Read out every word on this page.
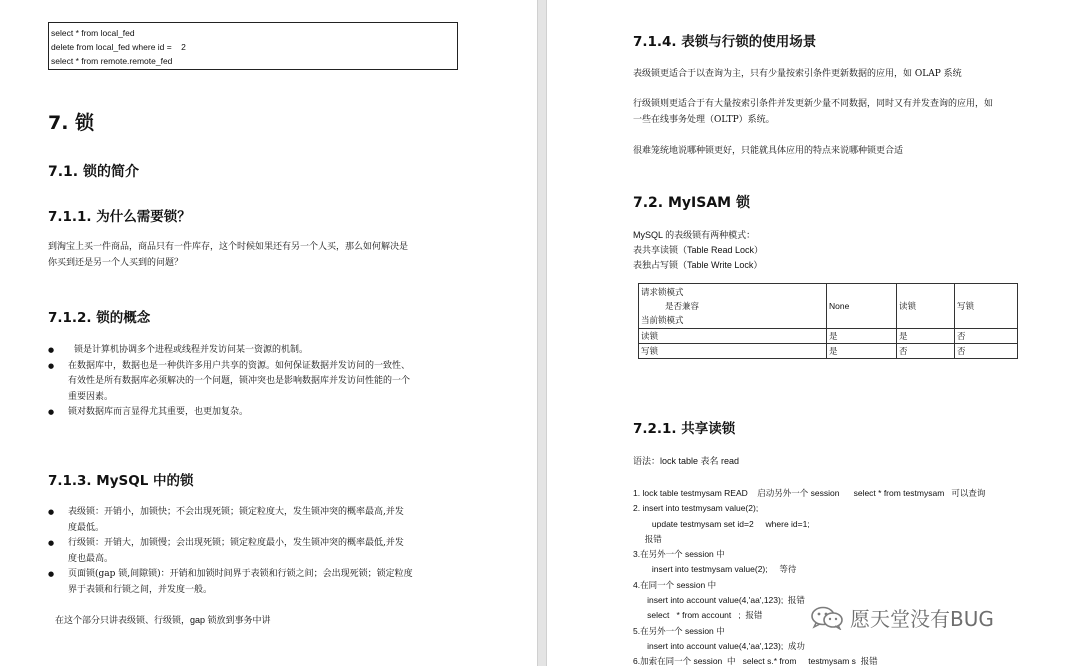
select * from local_fed
delete from local_fed where id =    2
select * from remote.remote_fed
7. 锁
7.1. 锁的简介
7.1.1. 为什么需要锁？
到淘宝上买一件商品，商品只有一件库存，这个时候如果还有另一个人买，那么如何解决是
你买到还是另一个人买到的问题？
7.1.2. 锁的概念
● 锁是计算机协调多个进程或线程并发访问某一资源的机制。
● 在数据库中，数据也是一种供许多用户共享的资源。如何保证数据并发访问的一致性、
有效性是所有数据库必须解决的一个问题，锁冲突也是影响数据库并发访问性能的一个
重要因素。
● 锁对数据库而言显得尤其重要，也更加复杂。
7.1.3. MySQL 中的锁
● 表级锁：开销小，加锁快；不会出现死锁；锁定粒度大，发生锁冲突的概率最高,并发
度最低。
● 行级锁：开销大，加锁慢；会出现死锁；锁定粒度最小，发生锁冲突的概率最低,并发
度也最高。
● 页面锁(gap 锁,间隙锁)：开销和加锁时间界于表锁和行锁之间；会出现死锁；锁定粒度
界于表锁和行锁之间，并发度一般。
在这个部分只讲表级锁、行级锁，gap 锁放到事务中讲
7.1.4. 表锁与行锁的使用场景
表级锁更适合于以查询为主，只有少量按索引条件更新数据的应用，如 OLAP 系统
行级锁则更适合于有大量按索引条件并发更新少量不同数据，同时又有并发查询的应用，如
一些在线事务处理（OLTP）系统。
很难笼统地说哪种锁更好，只能就具体应用的特点来说哪种锁更合适
7.2. MyISAM 锁
MySQL 的表级锁有两种模式：
表共享读锁（Table Read Lock）
表独占写锁（Table Write Lock）
请求锁模式
是否兼容
当前锁模式	None	读锁	写锁
读锁	是	是	否
写锁	是	否	否
7.2.1. 共享读锁
语法：lock table 表名 read
1. lock table testmysam READ    启动另外一个 session      select * from testmysam   可以查询
2. insert into testmysam value(2);
update testmysam set id=2     where id=1;
报错
3.在另外一个 session 中
insert into testmysam value(2);     等待
4.在同一个 session 中
insert into account value(4,'aa',123);  报错
select   * from account   ;  报错
5.在另外一个 session 中
insert into account value(4,'aa',123);  成功
6.加索在同一个 session  中   select s.* from     testmysam s  报错
愿天堂没有BUG
